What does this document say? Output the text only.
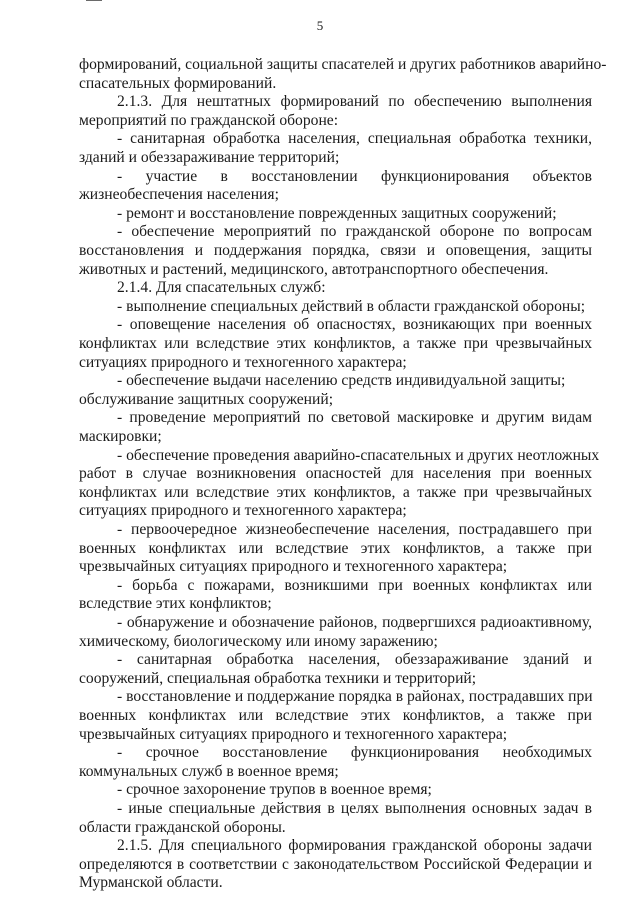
5

формирований, социальной защиты спасателей и других работников аварийно-

спасательных формирований.

2.1.3. Для нештатных формирований по обеспечению выполнения

мероприятий по гражданской обороне:

- санитарная обработка населения, специальная обработка техники,

зданий и обеззараживание территорий;

- участие в восстановлении функционирования объектов

жизнеобеспечения населения;

- ремонт и восстановление поврежденных защитных сооружений;

- обеспечение мероприятий по гражданской обороне по вопросам

восстановления и поддержания порядка, связи и оповещения, защиты

животных и растений, медицинского, автотранспортного обеспечения.

2.1.4. Для спасательных служб:

- выполнение специальных действий в области гражданской обороны;

- оповещение населения об опасностях, возникающих при военных

конфликтах или вследствие этих конфликтов, а также при чрезвычайных

ситуациях природного и техногенного характера;

- обеспечение выдачи населению средств индивидуальной защиты;

обслуживание защитных сооружений;

- проведение мероприятий по световой маскировке и другим видам

маскировки;

- обеспечение проведения аварийно-спасательных и других неотложных

работ в случае возникновения опасностей для населения при военных

конфликтах или вследствие этих конфликтов, а также при чрезвычайных

ситуациях природного и техногенного характера;

- первоочередное жизнеобеспечение населения, пострадавшего при

военных конфликтах или вследствие этих конфликтов, а также при

чрезвычайных ситуациях природного и техногенного характера;

- борьба с пожарами, возникшими при военных конфликтах или

вследствие этих конфликтов;

- обнаружение и обозначение районов, подвергшихся радиоактивному,

химическому, биологическому или иному заражению;

- санитарная обработка населения, обеззараживание зданий и

сооружений, специальная обработка техники и территорий;

- восстановление и поддержание порядка в районах, пострадавших при

военных конфликтах или вследствие этих конфликтов, а также при

чрезвычайных ситуациях природного и техногенного характера;

- срочное восстановление функционирования необходимых

коммунальных служб в военное время;

- срочное захоронение трупов в военное время;

- иные специальные действия в целях выполнения основных задач в

области гражданской обороны.

2.1.5. Для специального формирования гражданской обороны задачи

определяются в соответствии с законодательством Российской Федерации и

Мурманской области.
